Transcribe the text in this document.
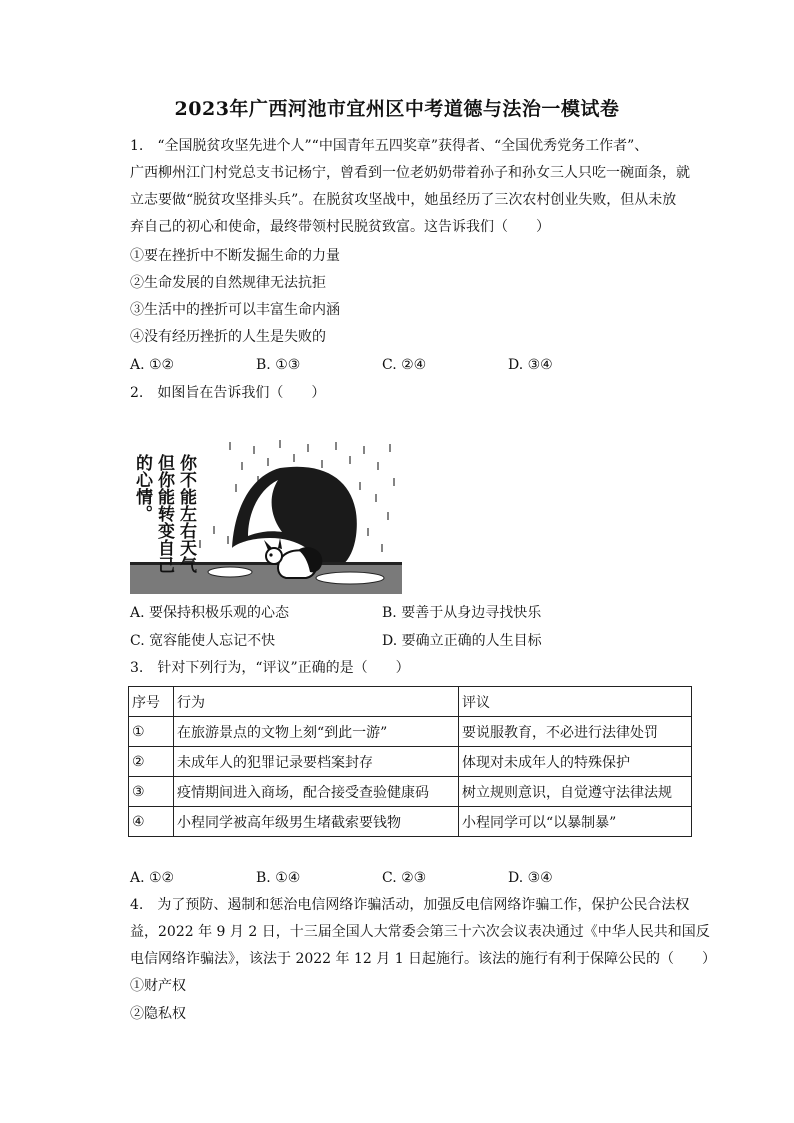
2023年广西河池市宜州区中考道德与法治一模试卷
1.　“全国脱贫攻坚先进个人”“中国青年五四奖章”获得者、“全国优秀党务工作者”、
广西柳州江门村党总支书记杨宁，曾看到一位老奶奶带着孙子和孙女三人只吃一碗面条，就
立志要做“脱贫攻坚排头兵”。在脱贫攻坚战中，她虽经历了三次农村创业失败，但从未放
弃自己的初心和使命，最终带领村民脱贫致富。这告诉我们（　　）
①要在挫折中不断发掘生命的力量
②生命发展的自然规律无法抗拒
③生活中的挫折可以丰富生命内涵
④没有经历挫折的人生是失败的
A. ①②	B. ①③	C. ②④	D. ③④
2.　如图旨在告诉我们（　　）
你不能左右天气
但你能转变自己
的心情。
A. 要保持积极乐观的心态	B. 要善于从身边寻找快乐
C. 宽容能使人忘记不快	D. 要确立正确的人生目标
3.　针对下列行为，“评议”正确的是（　　）
序号	行为	评议
①	在旅游景点的文物上刻“到此一游”	要说服教育，不必进行法律处罚
②	未成年人的犯罪记录要档案封存	体现对未成年人的特殊保护
③	疫情期间进入商场，配合接受查验健康码	树立规则意识，自觉遵守法律法规
④	小程同学被高年级男生堵截索要钱物	小程同学可以“以暴制暴”
A. ①②	B. ①④	C. ②③	D. ③④
4.　为了预防、遏制和惩治电信网络诈骗活动，加强反电信网络诈骗工作，保护公民合法权
益，2022 年 9 月 2 日，十三届全国人大常委会第三十六次会议表决通过《中华人民共和国反
电信网络诈骗法》，该法于 2022 年 12 月 1 日起施行。该法的施行有利于保障公民的（　　）
①财产权
②隐私权
